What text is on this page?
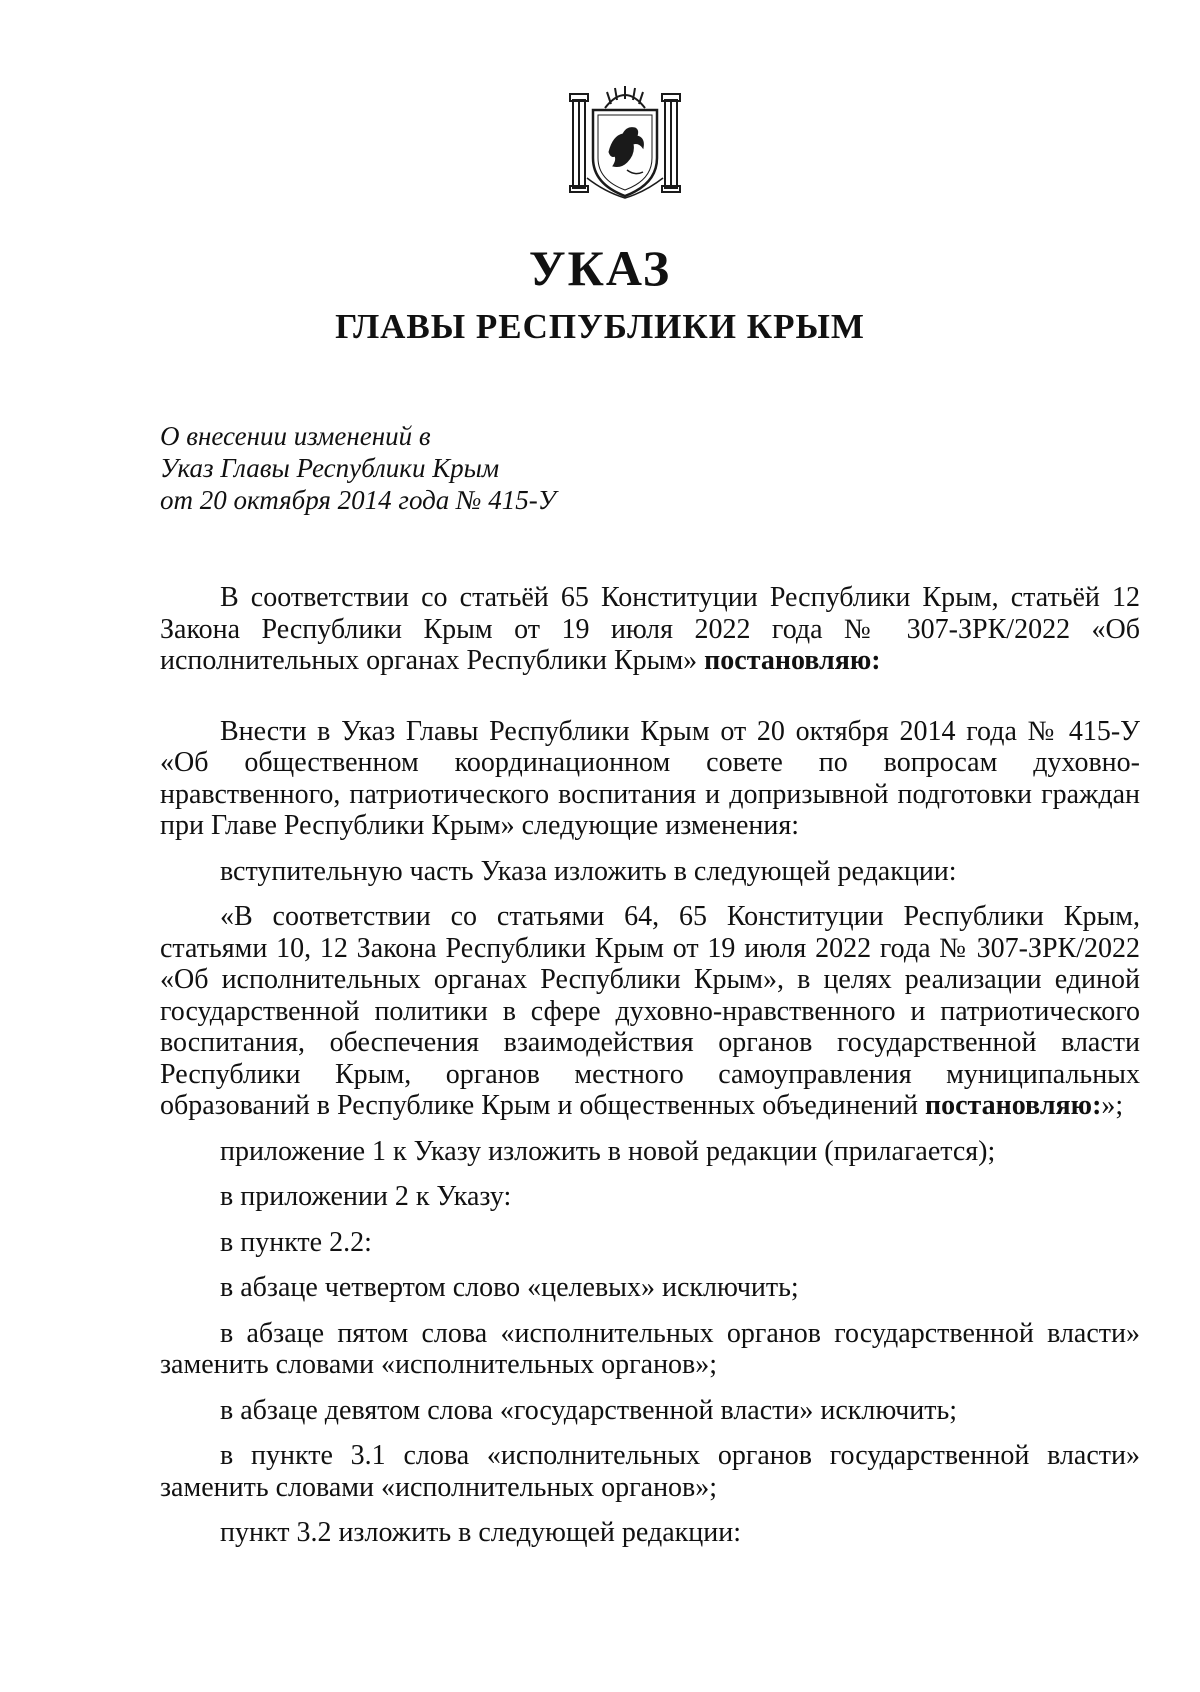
УКАЗ
ГЛАВЫ РЕСПУБЛИКИ КРЫМ
О внесении изменений в
Указ Главы Республики Крым
от 20 октября 2014 года № 415-У

В соответствии со статьёй 65 Конституции Республики Крым, статьёй 12 Закона Республики Крым от 19 июля 2022 года № 307-ЗРК/2022 «Об исполнительных органах Республики Крым» постановляю:

Внести в Указ Главы Республики Крым от 20 октября 2014 года № 415-У «Об общественном координационном совете по вопросам духовно-нравственного, патриотического воспитания и допризывной подготовки граждан при Главе Республики Крым» следующие изменения:

вступительную часть Указа изложить в следующей редакции:

«В соответствии со статьями 64, 65 Конституции Республики Крым, статьями 10, 12 Закона Республики Крым от 19 июля 2022 года № 307-ЗРК/2022 «Об исполнительных органах Республики Крым», в целях реализации единой государственной политики в сфере духовно-нравственного и патриотического воспитания, обеспечения взаимодействия органов государственной власти Республики Крым, органов местного самоуправления муниципальных образований в Республике Крым и общественных объединений постановляю:»;

приложение 1 к Указу изложить в новой редакции (прилагается);

в приложении 2 к Указу:

в пункте 2.2:

в абзаце четвертом слово «целевых» исключить;

в абзаце пятом слова «исполнительных органов государственной власти» заменить словами «исполнительных органов»;

в абзаце девятом слова «государственной власти» исключить;

в пункте 3.1 слова «исполнительных органов государственной власти» заменить словами «исполнительных органов»;

пункт 3.2 изложить в следующей редакции:
